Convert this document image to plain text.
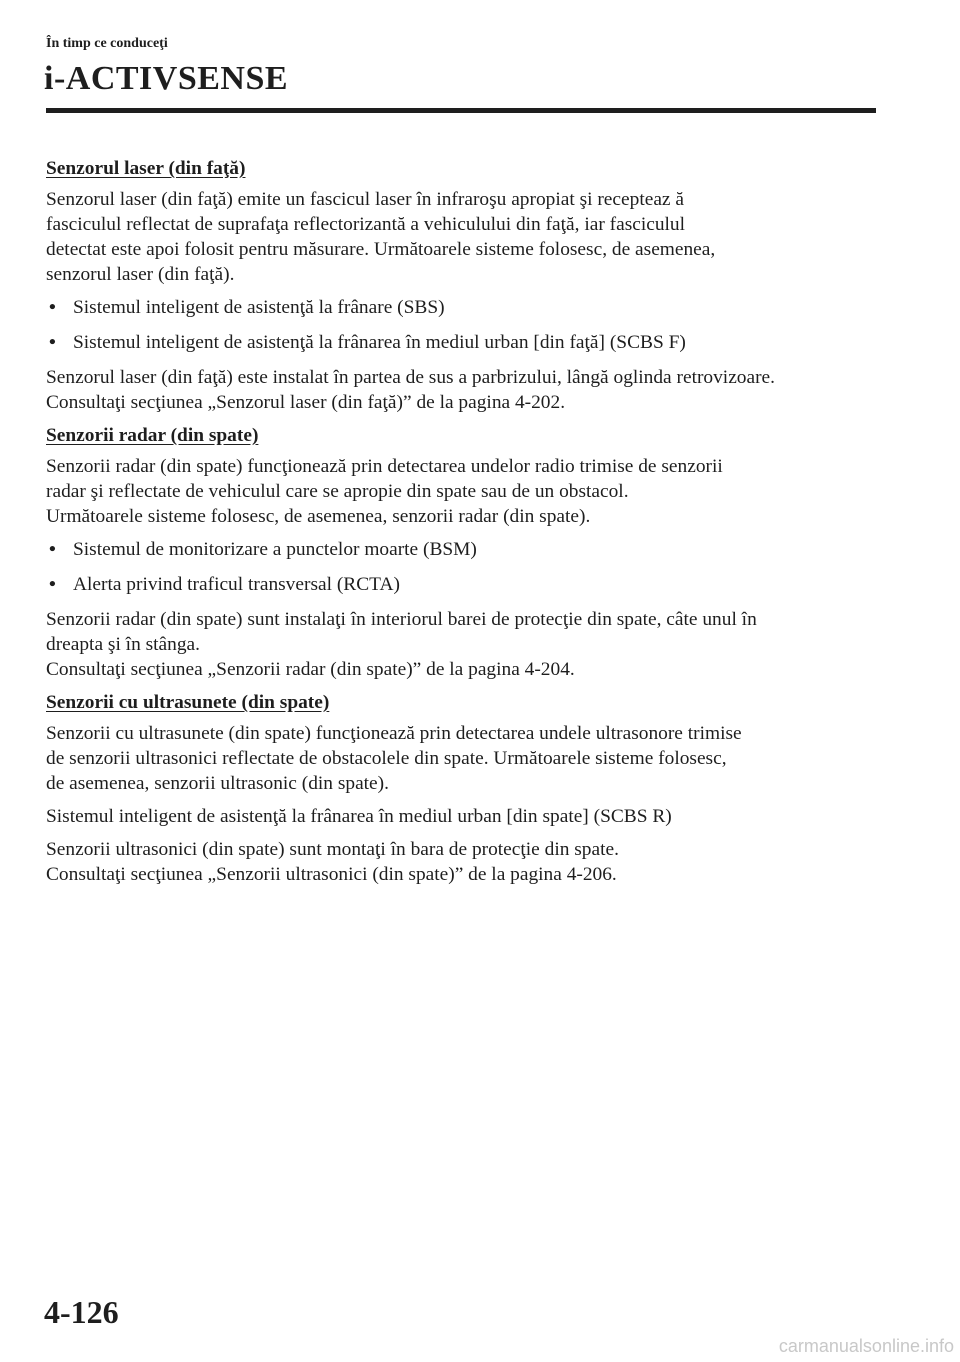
În timp ce conduceţi
i-ACTIVSENSE
Senzorul laser (din faţă)

Senzorul laser (din faţă) emite un fascicul laser în infraroşu apropiat şi recepteaz ă
fasciculul reflectat de suprafaţa reflectorizantă a vehiculului din faţă, iar fasciculul
detectat este apoi folosit pentru măsurare. Următoarele sisteme folosesc, de asemenea,
senzorul laser (din faţă).

• Sistemul inteligent de asistenţă la frânare (SBS)
• Sistemul inteligent de asistenţă la frânarea în mediul urban [din faţă] (SCBS F)

Senzorul laser (din faţă) este instalat în partea de sus a parbrizului, lângă oglinda retrovizoare.
Consultaţi secţiunea „Senzorul laser (din faţă)” de la pagina 4-202.

Senzorii radar (din spate)

Senzorii radar (din spate) funcţionează prin detectarea undelor radio trimise de senzorii
radar şi reflectate de vehiculul care se apropie din spate sau de un obstacol.
Următoarele sisteme folosesc, de asemenea, senzorii radar (din spate).

• Sistemul de monitorizare a punctelor moarte (BSM)
• Alerta privind traficul transversal (RCTA)

Senzorii radar (din spate) sunt instalaţi în interiorul barei de protecţie din spate, câte unul în
dreapta şi în stânga.
Consultaţi secţiunea „Senzorii radar (din spate)” de la pagina 4-204.

Senzorii cu ultrasunete (din spate)

Senzorii cu ultrasunete (din spate) funcţionează prin detectarea undele ultrasonore trimise
de senzorii ultrasonici reflectate de obstacolele din spate. Următoarele sisteme folosesc,
de asemenea, senzorii ultrasonic (din spate).

Sistemul inteligent de asistenţă la frânarea în mediul urban [din spate] (SCBS R)

Senzorii ultrasonici (din spate) sunt montaţi în bara de protecţie din spate.
Consultaţi secţiunea „Senzorii ultrasonici (din spate)” de la pagina 4-206.

4-126
carmanualsonline.info
